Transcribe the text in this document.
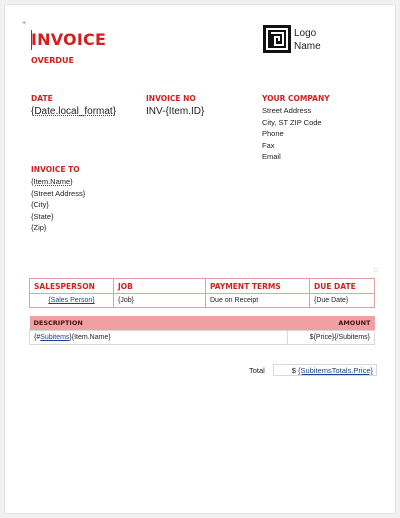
⌖
□
INVOICE
OVERDUE
Logo
Name
DATE
{Date.local_format}
INVOICE NO
INV-{Item.ID}
YOUR COMPANY
Street Address
City, ST ZIP Code
Phone
Fax
Email
INVOICE TO
{Item.Name}
{Street Address}
{City}
{State}
{Zip}
SALESPERSON	JOB	PAYMENT TERMS	DUE DATE
{Sales Person}	{Job}	Due on Receipt	{Due Date}
DESCRIPTION	AMOUNT
{#Subitems}{Item.Name}	${Price}{/Subitems}
Total	$ {SubitemsTotals.Price}
